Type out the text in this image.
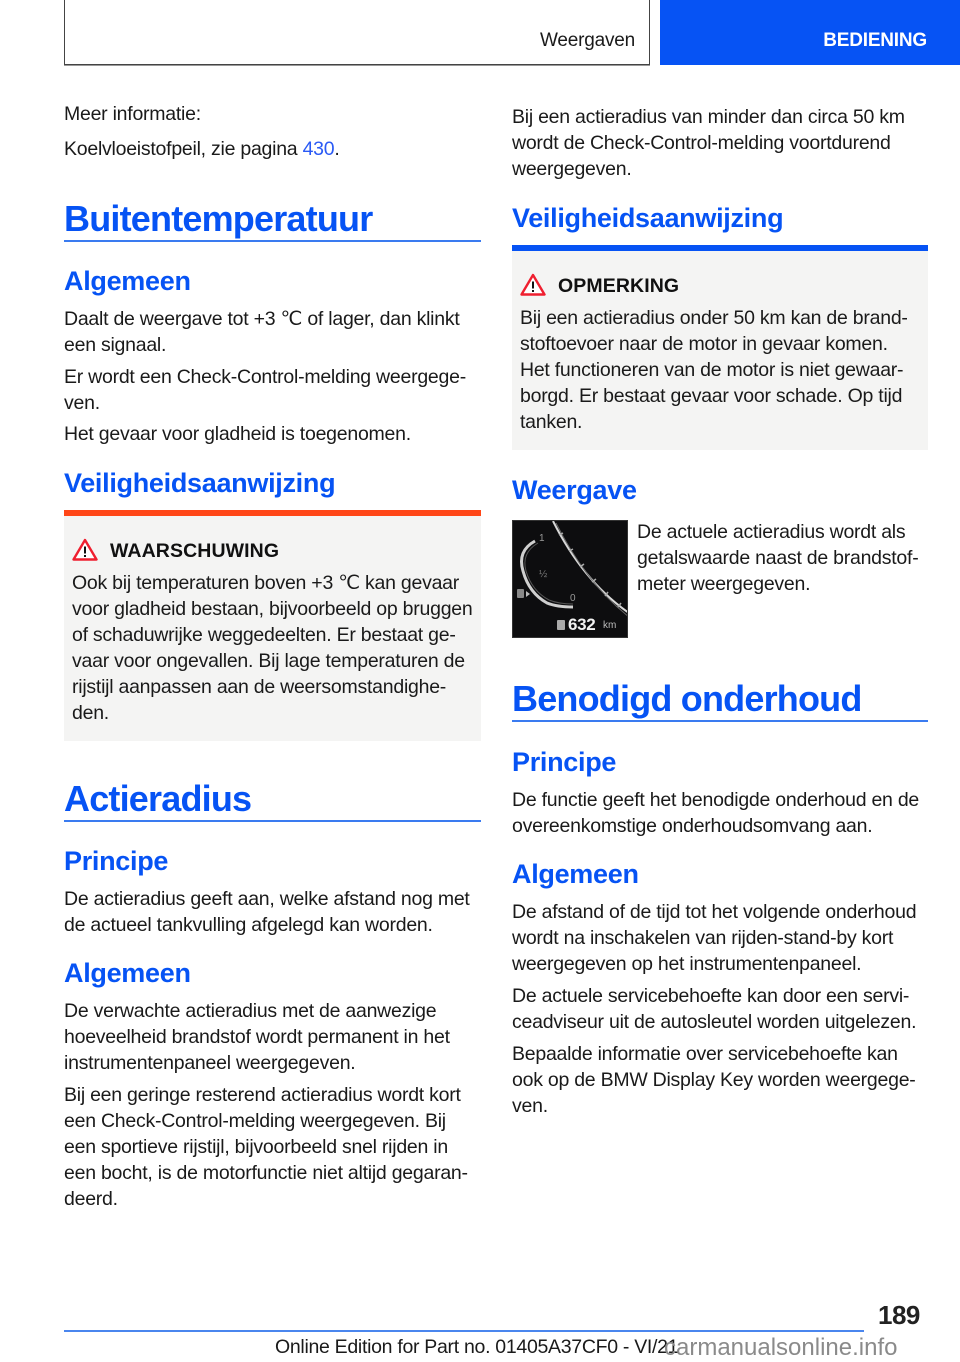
Weergaven	BEDIENING
Meer informatie:
Koelvloeistofpeil, zie pagina 430.
Buitentemperatuur
Algemeen
Daalt de weergave tot +3 ℃ of lager, dan klinkt
een signaal.
Er wordt een Check-Control-melding weergege-
ven.
Het gevaar voor gladheid is toegenomen.
Veiligheidsaanwijzing
WAARSCHUWING
Ook bij temperaturen boven +3 ℃ kan gevaar
voor gladheid bestaan, bijvoorbeeld op bruggen
of schaduwrijke weggedeelten. Er bestaat ge-
vaar voor ongevallen. Bij lage temperaturen de
rijstijl aanpassen aan de weersomstandighe-
den.
Actieradius
Principe
De actieradius geeft aan, welke afstand nog met
de actueel tankvulling afgelegd kan worden.
Algemeen
De verwachte actieradius met de aanwezige
hoeveelheid brandstof wordt permanent in het
instrumentenpaneel weergegeven.
Bij een geringe resterend actieradius wordt kort
een Check-Control-melding weergegeven. Bij
een sportieve rijstijl, bijvoorbeeld snel rijden in
een bocht, is de motorfunctie niet altijd gegaran-
deerd.
Bij een actieradius van minder dan circa 50 km
wordt de Check-Control-melding voortdurend
weergegeven.
Veiligheidsaanwijzing
OPMERKING
Bij een actieradius onder 50 km kan de brand-
stoftoevoer naar de motor in gevaar komen.
Het functioneren van de motor is niet gewaar-
borgd. Er bestaat gevaar voor schade. Op tijd
tanken.
Weergave
1
½
0
632 km
De actuele actieradius wordt als
getalswaarde naast de brandstof-
meter weergegeven.
Benodigd onderhoud
Principe
De functie geeft het benodigde onderhoud en de
overeenkomstige onderhoudsomvang aan.
Algemeen
De afstand of de tijd tot het volgende onderhoud
wordt na inschakelen van rijden-stand-by kort
weergegeven op het instrumentenpaneel.
De actuele servicebehoefte kan door een servi-
ceadviseur uit de autosleutel worden uitgelezen.
Bepaalde informatie over servicebehoefte kan
ook op de BMW Display Key worden weergege-
ven.
189
Online Edition for Part no. 01405A37CF0 - VI/21
carmanualsonline.info
